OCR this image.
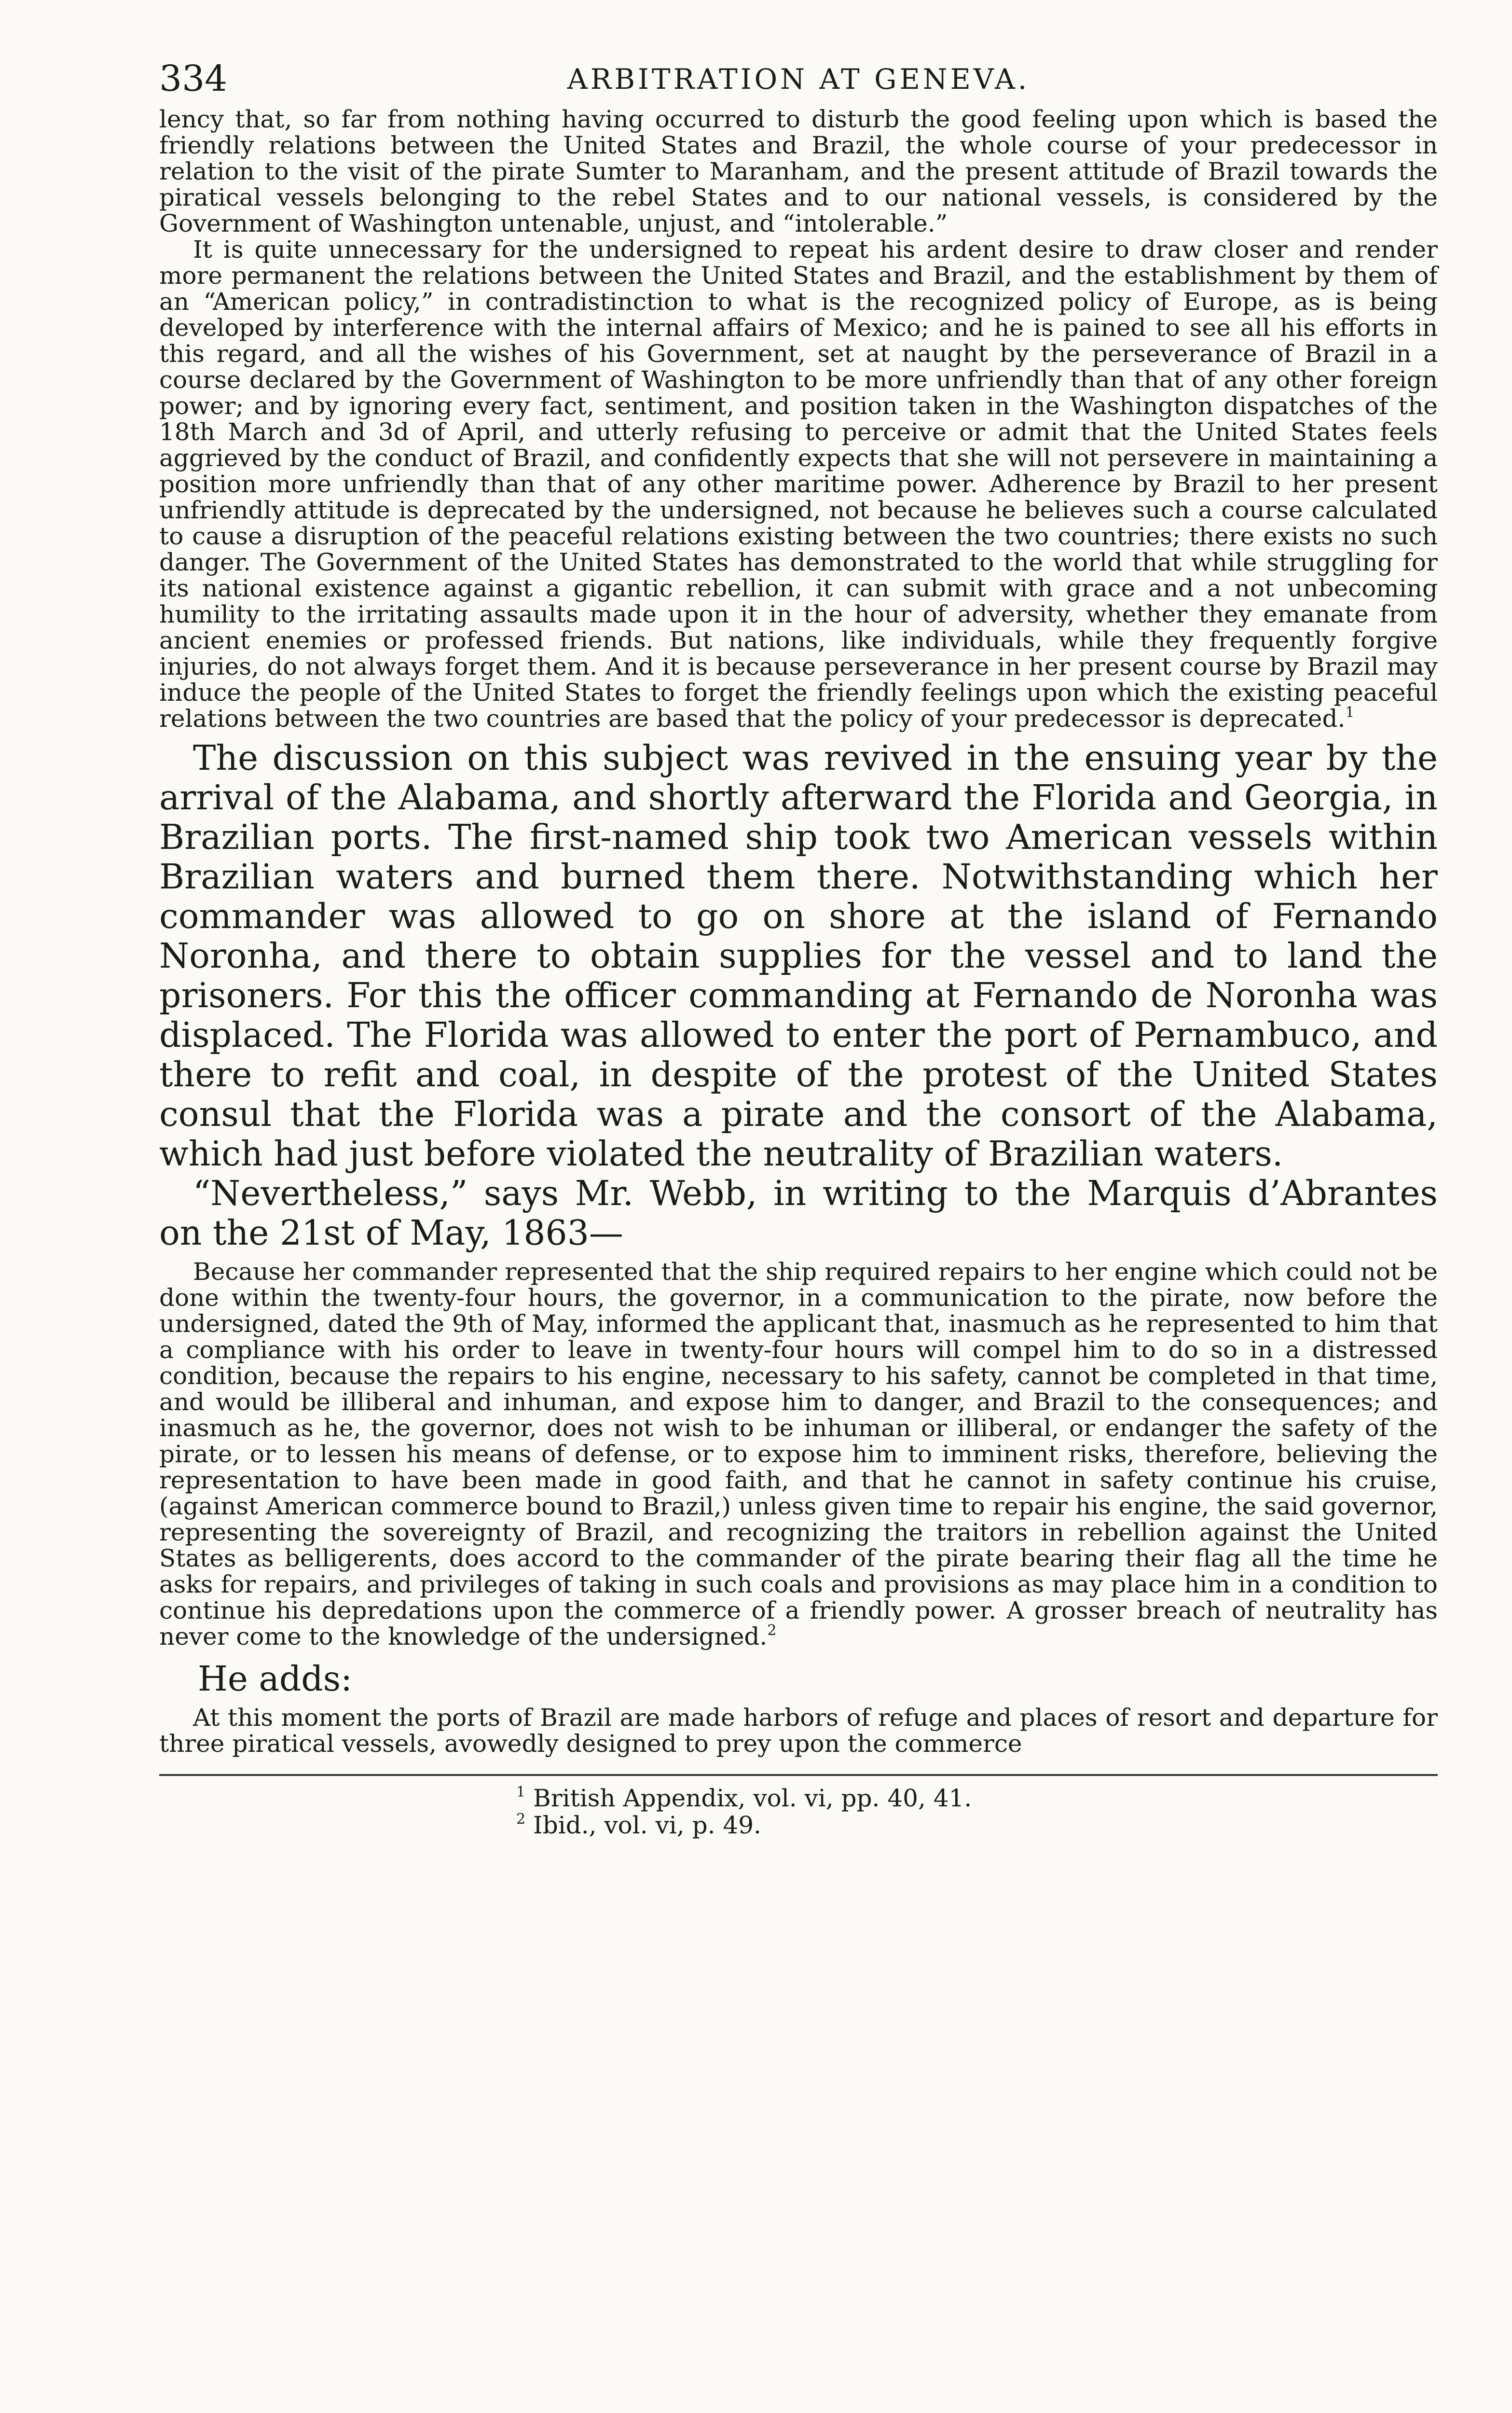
334	ARBITRATION AT GENEVA.

lency that, so far from nothing having occurred to disturb the good feeling upon which is based the friendly relations between the United States and Brazil, the whole course of your predecessor in relation to the visit of the pirate Sumter to Maranham, and the present attitude of Brazil towards the piratical vessels belonging to the rebel States and to our national vessels, is considered by the Government of Washington untenable, unjust, and “intolerable.”

It is quite unnecessary for the undersigned to repeat his ardent desire to draw closer and render more permanent the relations between the United States and Brazil, and the establishment by them of an “American policy,” in contradistinction to what is the recognized policy of Europe, as is being developed by interference with the internal affairs of Mexico; and he is pained to see all his efforts in this regard, and all the wishes of his Government, set at naught by the perseverance of Brazil in a course declared by the Government of Washington to be more unfriendly than that of any other foreign power; and by ignoring every fact, sentiment, and position taken in the Washington dispatches of the 18th March and 3d of April, and utterly refusing to perceive or admit that the United States feels aggrieved by the conduct of Brazil, and confidently expects that she will not persevere in maintaining a position more unfriendly than that of any other maritime power. Adherence by Brazil to her present unfriendly attitude is deprecated by the undersigned, not because he believes such a course calculated to cause a disruption of the peaceful relations existing between the two countries; there exists no such danger. The Government of the United States has demonstrated to the world that while struggling for its national existence against a gigantic rebellion, it can submit with grace and a not unbecoming humility to the irritating assaults made upon it in the hour of adversity, whether they emanate from ancient enemies or professed friends. But nations, like individuals, while they frequently forgive injuries, do not always forget them. And it is because perseverance in her present course by Brazil may induce the people of the United States to forget the friendly feelings upon which the existing peaceful relations between the two countries are based that the policy of your predecessor is deprecated.$^1$

The discussion on this subject was revived in the ensuing year by the arrival of the Alabama, and shortly afterward the Florida and Georgia, in Brazilian ports. The first-named ship took two American vessels within Brazilian waters and burned them there. Notwithstanding which her commander was allowed to go on shore at the island of Fernando Noronha, and there to obtain supplies for the vessel and to land the prisoners. For this the officer commanding at Fernando de Noronha was displaced. The Florida was allowed to enter the port of Pernambuco, and there to refit and coal, in despite of the protest of the United States consul that the Florida was a pirate and the consort of the Alabama, which had just before violated the neutrality of Brazilian waters.

“Nevertheless,” says Mr. Webb, in writing to the Marquis d’Abrantes on the 21st of May, 1863—

Because her commander represented that the ship required repairs to her engine which could not be done within the twenty-four hours, the governor, in a communication to the pirate, now before the undersigned, dated the 9th of May, informed the applicant that, inasmuch as he represented to him that a compliance with his order to leave in twenty-four hours will compel him to do so in a distressed condition, because the repairs to his engine, necessary to his safety, cannot be completed in that time, and would be illiberal and inhuman, and expose him to danger, and Brazil to the consequences; and inasmuch as he, the governor, does not wish to be inhuman or illiberal, or endanger the safety of the pirate, or to lessen his means of defense, or to expose him to imminent risks, therefore, believing the representation to have been made in good faith, and that he cannot in safety continue his cruise, (against American commerce bound to Brazil,) unless given time to repair his engine, the said governor, representing the sovereignty of Brazil, and recognizing the traitors in rebellion against the United States as belligerents, does accord to the commander of the pirate bearing their flag all the time he asks for repairs, and privileges of taking in such coals and provisions as may place him in a condition to continue his depredations upon the commerce of a friendly power. A grosser breach of neutrality has never come to the knowledge of the undersigned.$^2$

He adds:

At this moment the ports of Brazil are made harbors of refuge and places of resort and departure for three piratical vessels, avowedly designed to prey upon the commerce

$^1$ British Appendix, vol. vi, pp. 40, 41.
$^2$ Ibid., vol. vi, p. 49.
